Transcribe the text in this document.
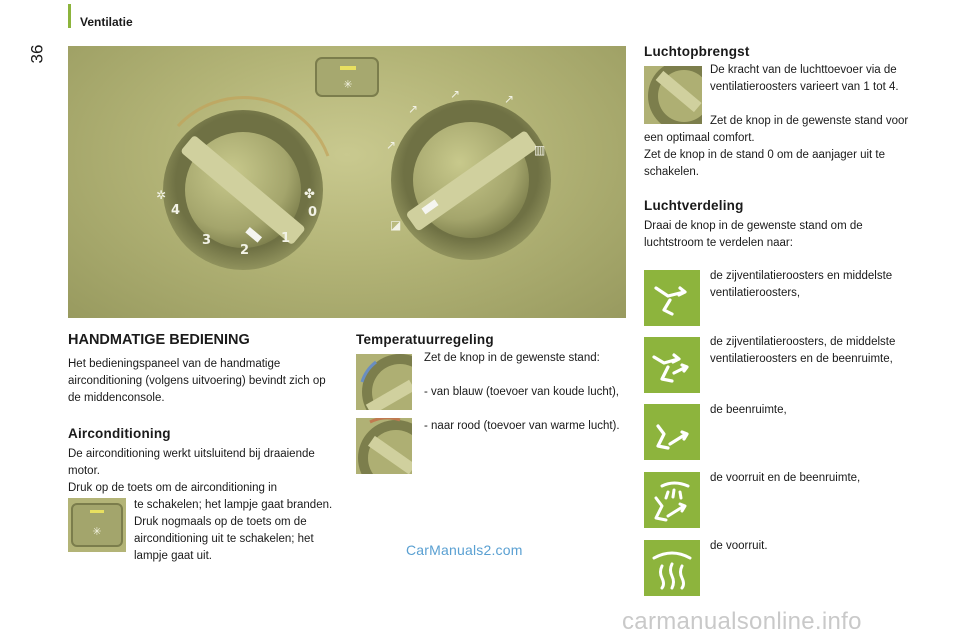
Ventilatie
36
✳
✲	✤
↗
↗
↗	↗
▥
◪
4
3
2
1
0
HANDMATIGE BEDIENING

Het bedieningspaneel van de handmatige airconditioning (volgens uitvoering) bevindt zich op de middenconsole.

Airconditioning

De airconditioning werkt uitsluitend bij draaiende motor.

Druk op de toets om de airconditioning in

✳

te schakelen; het lampje gaat branden. Druk nogmaals op de toets om de airconditioning uit te schakelen; het lampje gaat uit.

Temperatuurregeling

Zet de knop in de gewenste stand:

- van blauw (toevoer van koude lucht),

- naar rood (toevoer van warme lucht).

Luchtopbrengst

De kracht van de luchttoevoer via de ventilatieroosters varieert van 1 tot 4.

Zet de knop in de gewenste stand voor een optimaal comfort.

Zet de knop in de stand 0 om de aanjager uit te schakelen.

Luchtverdeling

Draai de knop in de gewenste stand om de luchtstroom te verdelen naar:

de zijventilatieroosters en middelste ventilatieroosters,

de zijventilatieroosters, de middelste ventilatieroosters en de beenruimte,

de beenruimte,

de voorruit en de beenruimte,

de voorruit.

CarManuals2.com
carmanualsonline.info
